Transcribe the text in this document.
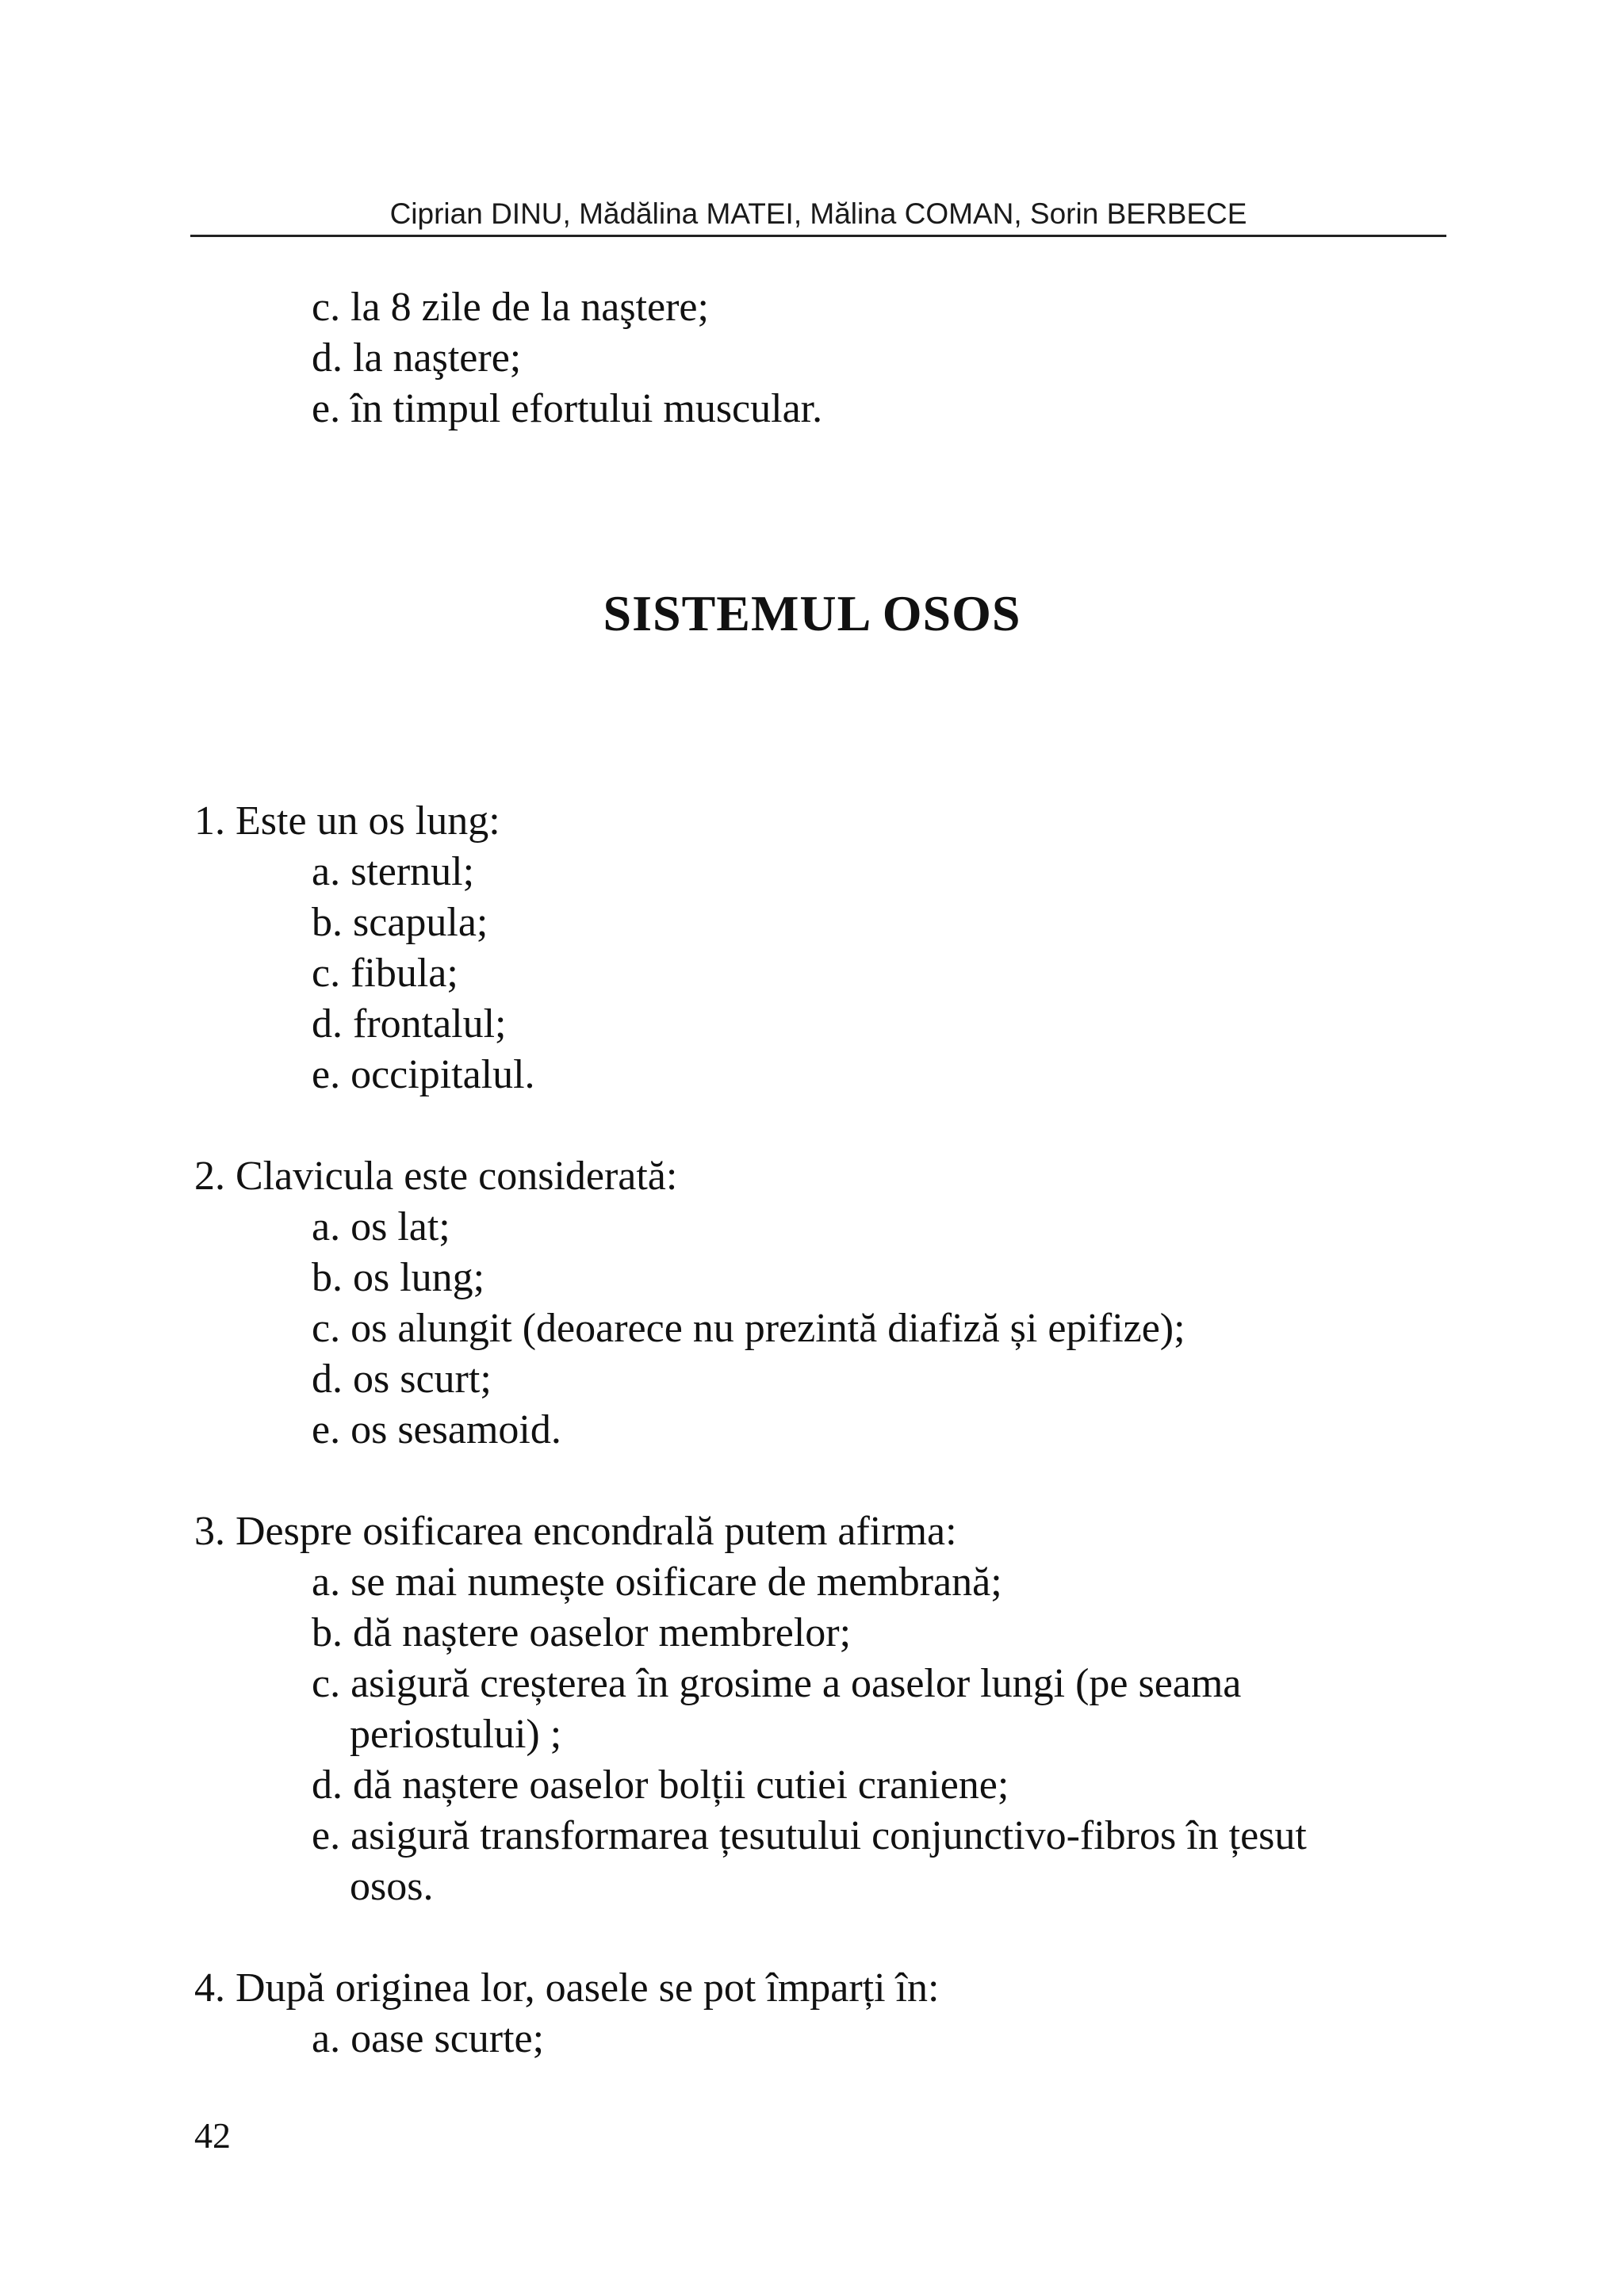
Ciprian DINU, Mădălina MATEI, Mălina COMAN, Sorin BERBECE
c. la 8 zile de la naştere;
d. la naştere;
e. în timpul efortului muscular.
SISTEMUL OSOS
1. Este un os lung:
a. sternul;
b. scapula;
c. fibula;
d. frontalul;
e. occipitalul.
2. Clavicula este considerată:
a. os lat;
b. os lung;
c. os alungit (deoarece nu prezintă diafiză și epifize);
d. os scurt;
e. os sesamoid.
3. Despre osificarea encondrală putem afirma:
a. se mai numește osificare de membrană;
b. dă naștere oaselor membrelor;
c. asigură creșterea în grosime a oaselor lungi (pe seama
periostului) ;
d. dă naștere oaselor bolții cutiei craniene;
e. asigură transformarea țesutului conjunctivo-fibros în țesut
osos.
4. După originea lor, oasele se pot împarți în:
a. oase scurte;
42
